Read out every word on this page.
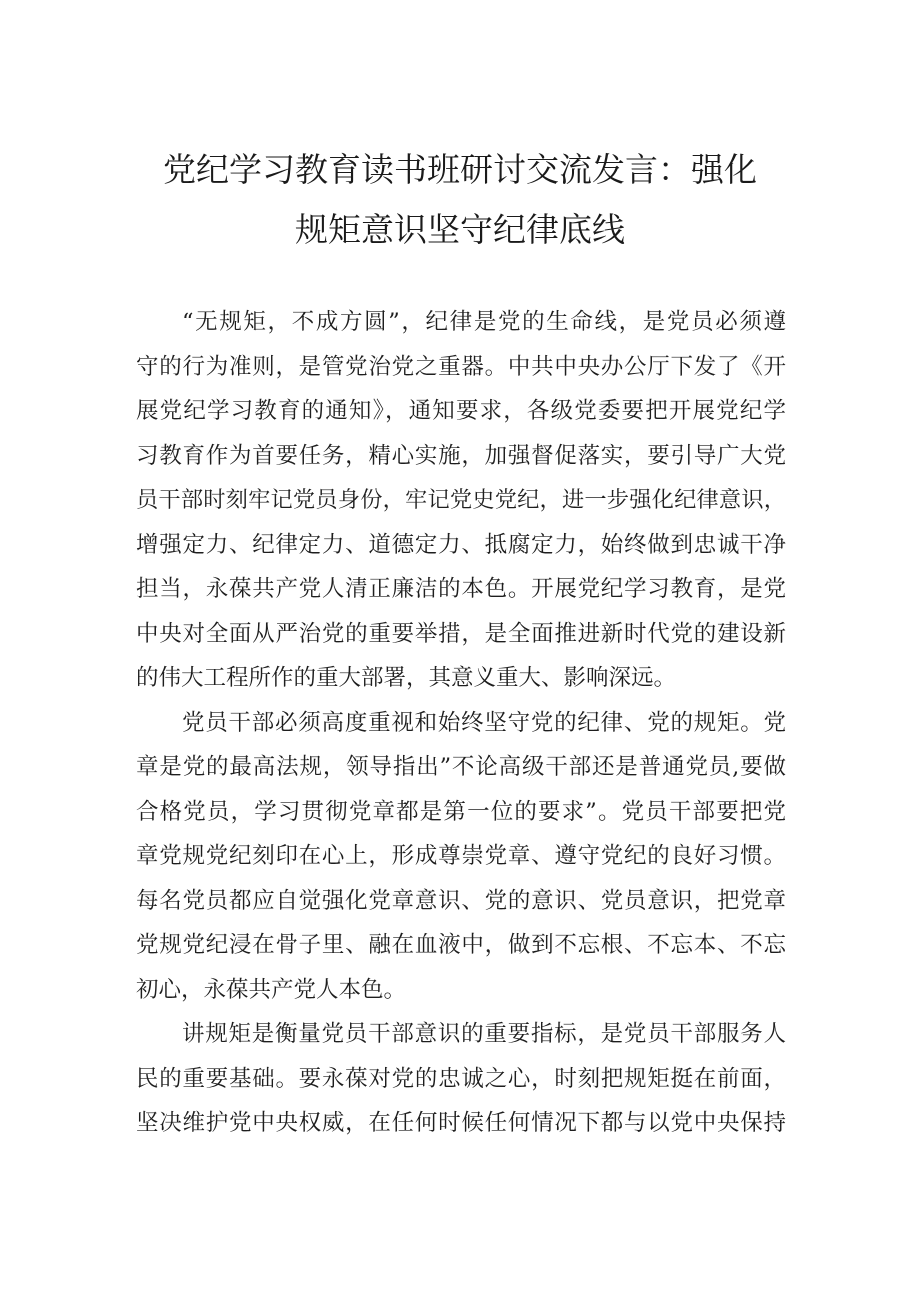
党纪学习教育读书班研讨交流发言：强化
规矩意识坚守纪律底线
“无规矩，不成方圆”，纪律是党的生命线，是党员必须遵
守的行为准则，是管党治党之重器。中共中央办公厅下发了《开
展党纪学习教育的通知》，通知要求，各级党委要把开展党纪学
习教育作为首要任务，精心实施，加强督促落实，要引导广大党
员干部时刻牢记党员身份，牢记党史党纪，进一步强化纪律意识，
增强定力、纪律定力、道德定力、抵腐定力，始终做到忠诚干净
担当，永葆共产党人清正廉洁的本色。开展党纪学习教育，是党
中央对全面从严治党的重要举措，是全面推进新时代党的建设新
的伟大工程所作的重大部署，其意义重大、影响深远。
党员干部必须高度重视和始终坚守党的纪律、党的规矩。党
章是党的最高法规，领导指出”不论高级干部还是普通党员,要做
合格党员，学习贯彻党章都是第一位的要求”。党员干部要把党
章党规党纪刻印在心上，形成尊崇党章、遵守党纪的良好习惯。
每名党员都应自觉强化党章意识、党的意识、党员意识，把党章
党规党纪浸在骨子里、融在血液中，做到不忘根、不忘本、不忘
初心，永葆共产党人本色。
讲规矩是衡量党员干部意识的重要指标，是党员干部服务人
民的重要基础。要永葆对党的忠诚之心，时刻把规矩挺在前面，
坚决维护党中央权威，在任何时候任何情况下都与以党中央保持
